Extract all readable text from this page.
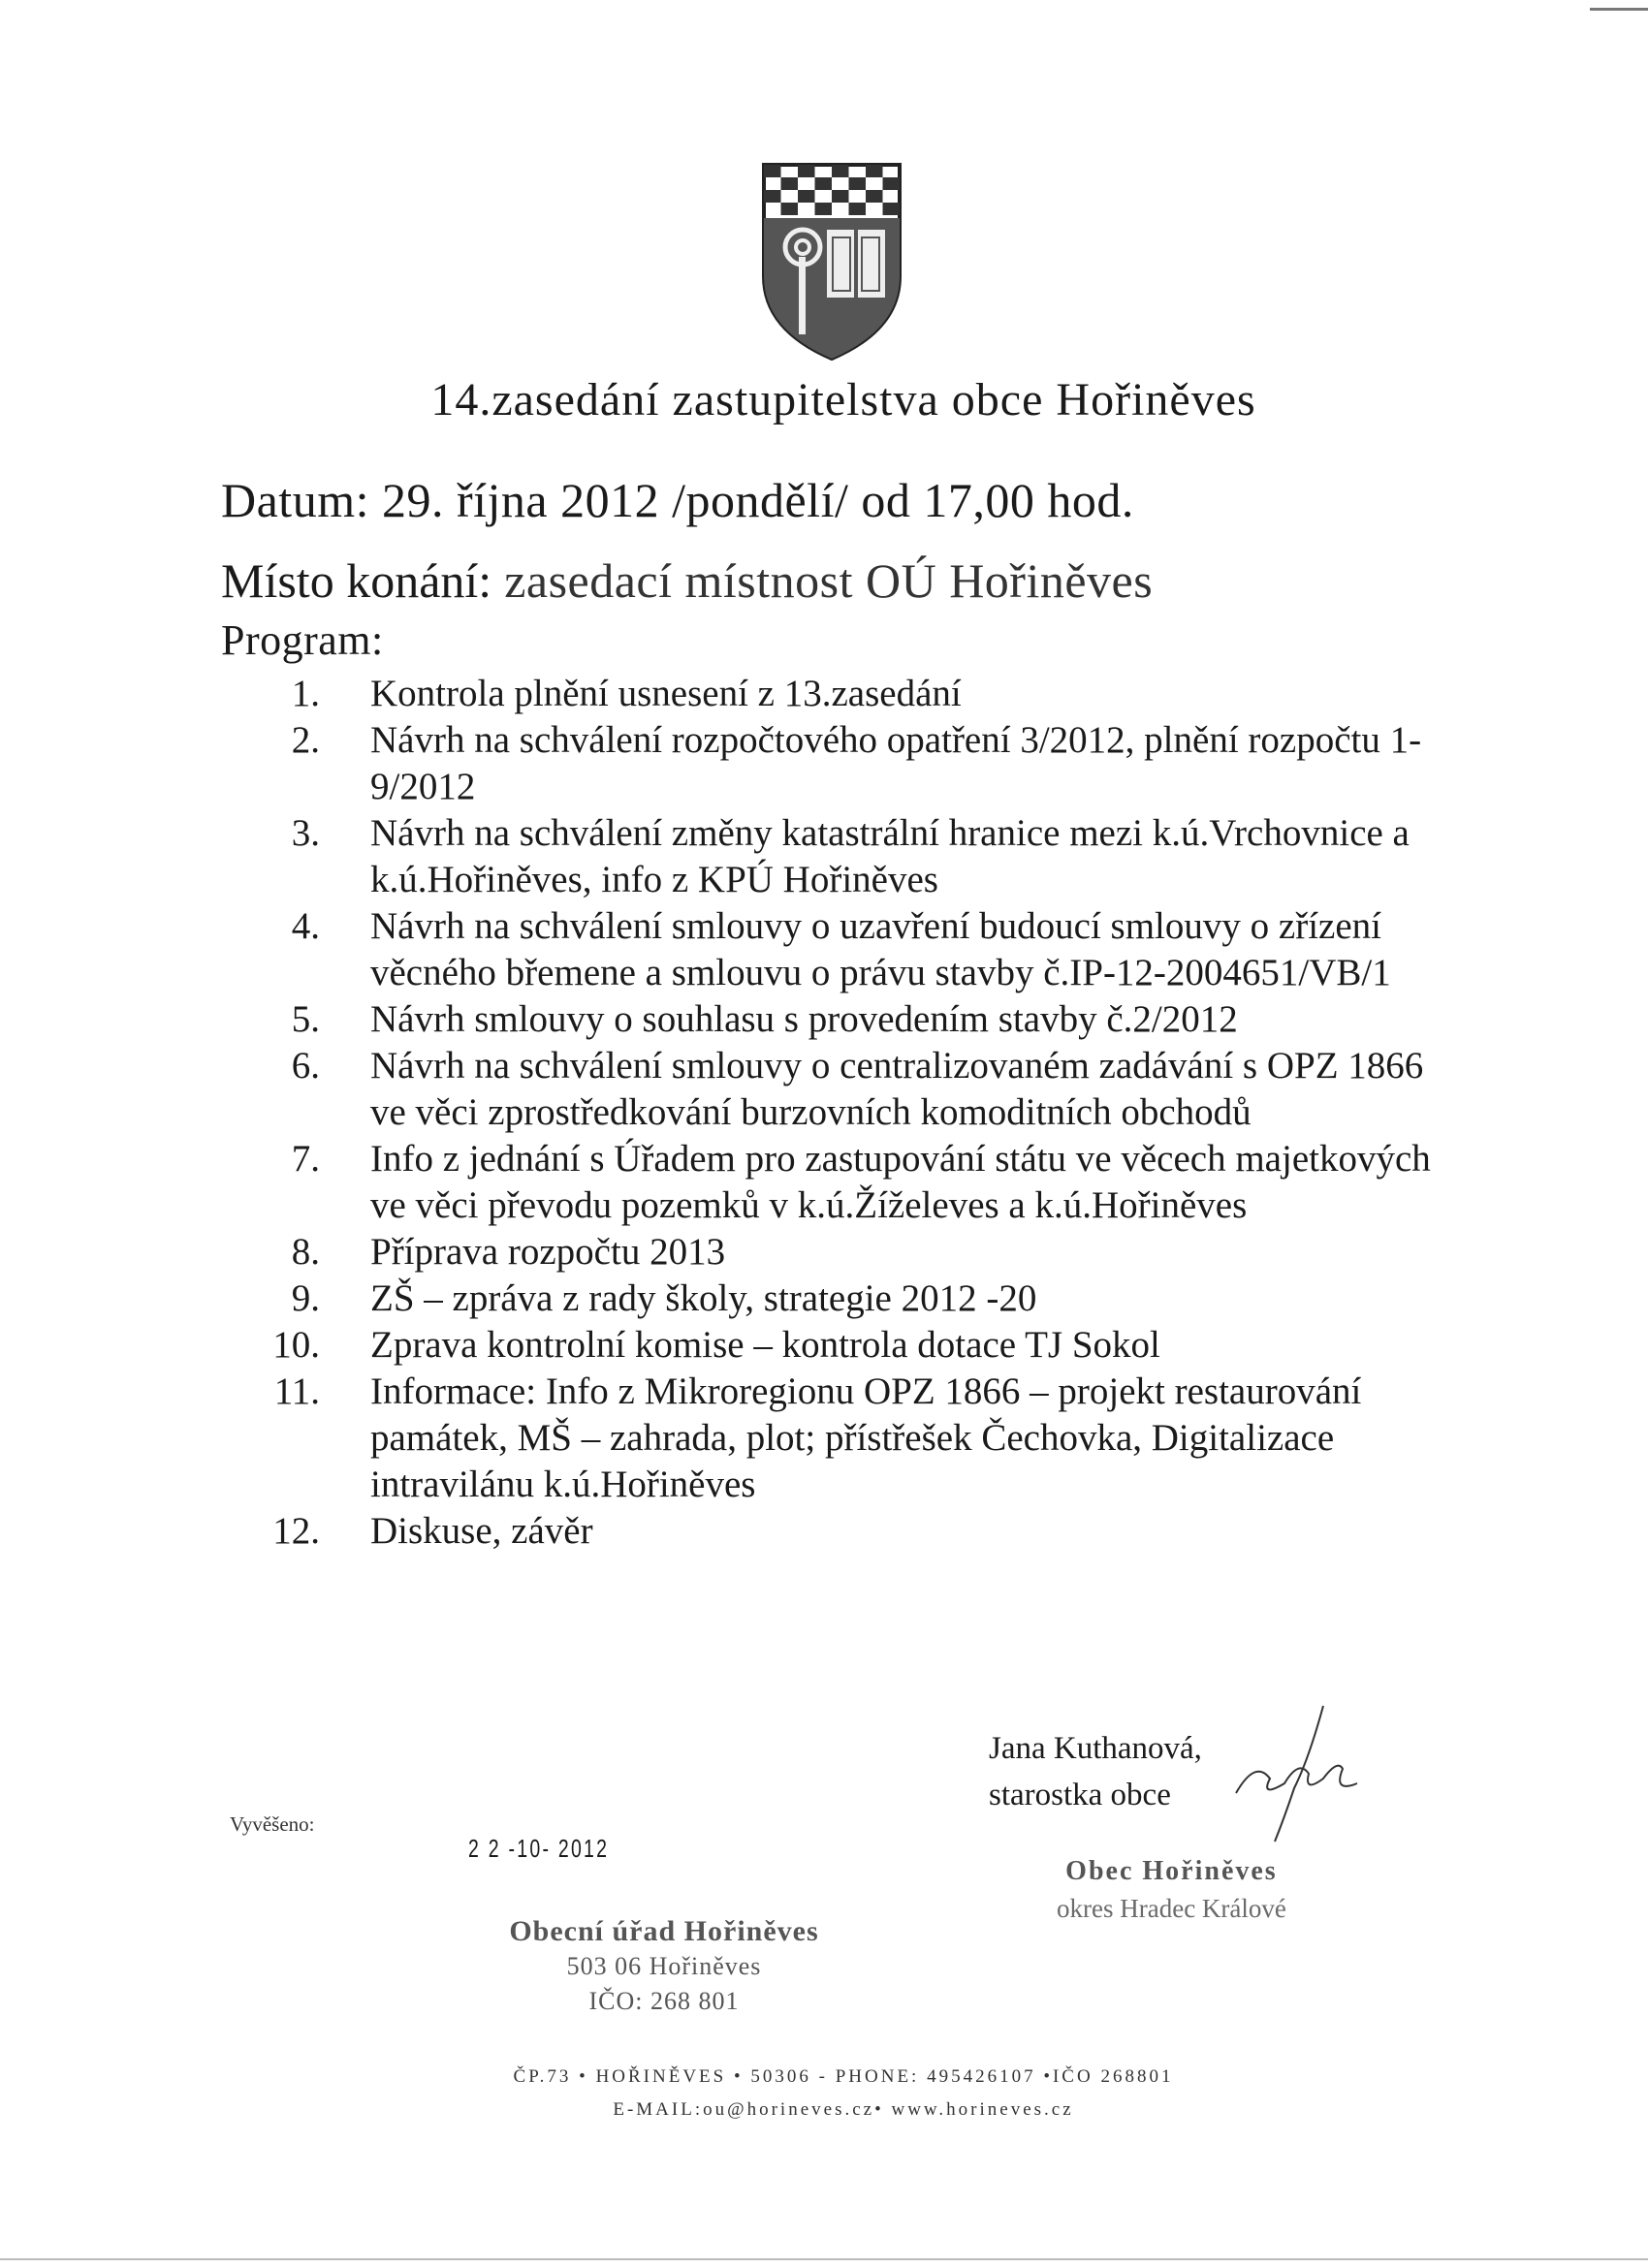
14.zasedání zastupitelstva obce Hořiněves
Datum: 29. října 2012 /pondělí/ od 17,00 hod.
Místo konání: zasedací místnost OÚ Hořiněves
Program:
1. Kontrola plnění usnesení z 13.zasedání
2. Návrh na schválení rozpočtového opatření 3/2012, plnění rozpočtu 1-9/2012
3. Návrh na schválení změny katastrální hranice mezi k.ú.Vrchovnice a k.ú.Hořiněves, info z KPÚ Hořiněves
4. Návrh na schválení smlouvy o uzavření budoucí smlouvy o zřízení věcného břemene a smlouvu o právu stavby č.IP-12-2004651/VB/1
5. Návrh smlouvy o souhlasu s provedením stavby č.2/2012
6. Návrh na schválení smlouvy o centralizovaném zadávání s OPZ 1866 ve věci zprostředkování burzovních komoditních obchodů
7. Info z jednání s Úřadem pro zastupování státu ve věcech majetkových ve věci převodu pozemků v k.ú.Žíželeves a k.ú.Hořiněves
8. Příprava rozpočtu 2013
9. ZŠ – zpráva z rady školy, strategie 2012 -20
10. Zprava kontrolní komise – kontrola dotace TJ Sokol
11. Informace: Info z Mikroregionu OPZ 1866 – projekt restaurování památek, MŠ – zahrada, plot; přístřešek Čechovka, Digitalizace intravilánu k.ú.Hořiněves
12. Diskuse, závěr
Jana Kuthanová,
starostka obce
Obec Hořiněves
okres Hradec Králové
Vyvěšeno:
2 2 -10- 2012
Obecní úřad Hořiněves
503 06 Hořiněves
IČO: 268 801
ČP.73 • HOŘINĚVES • 50306 - PHONE: 495426107 •IČO 268801
E-MAIL:ou@horineves.cz• www.horineves.cz
